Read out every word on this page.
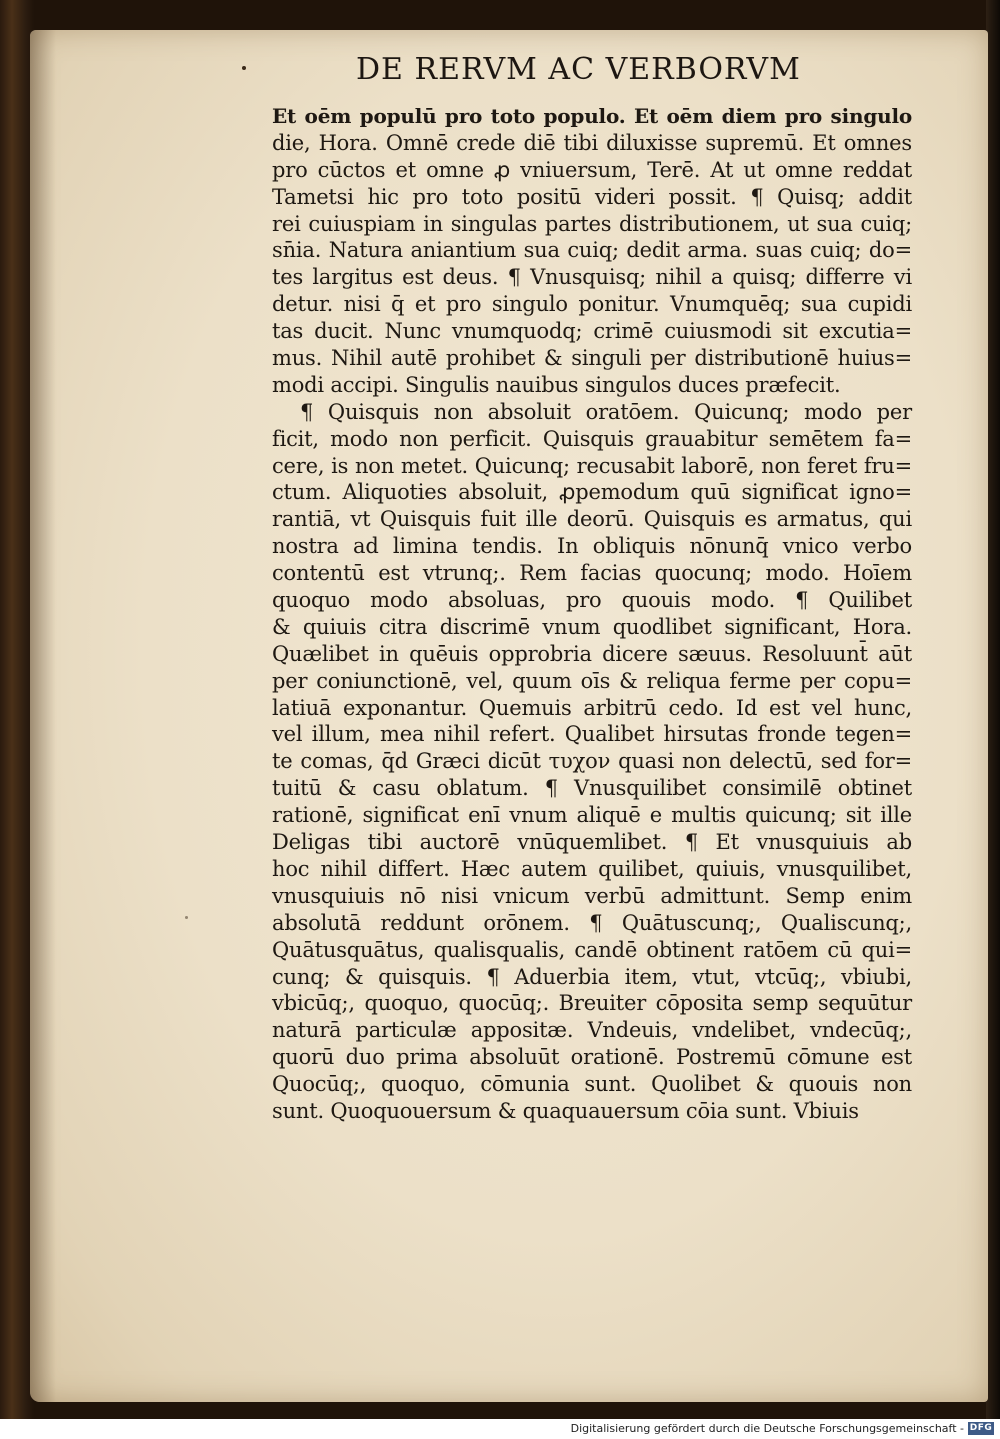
DE RERVM AC VERBORVM
Et oēm populū pro toto populo. Et oēm diem pro singulo
die, Hora. Omnē crede diē tibi diluxisse supremū. Et omnes
pro cūctos et omne ꝓ vniuersum, Terē. At ut omne reddat
Tametsi hic pro toto positū videri possit. ¶ Quisq; addit
rei cuiuspiam in singulas partes distributionem, ut sua cuiq;
sn̄ia. Natura aniantium sua cuiq; dedit arma. suas cuiq; do=
tes largitus est deus. ¶ Vnusquisq; nihil a quisq; differre vi
detur. nisi q̄ et pro singulo ponitur. Vnumquēq; sua cupidi
tas ducit. Nunc vnumquodq; crimē cuiusmodi sit excutia=
mus. Nihil autē prohibet & singuli per distributionē huius=
modi accipi. Singulis nauibus singulos duces præfecit.
¶ Quisquis non absoluit oratōem. Quicunq; modo per
ficit, modo non perficit. Quisquis grauabitur semētem fa=
cere, is non metet. Quicunq; recusabit laborē, non feret fru=
ctum. Aliquoties absoluit, ꝓpemodum quū significat igno=
rantiā, vt Quisquis fuit ille deorū. Quisquis es armatus, qui
nostra ad limina tendis. In obliquis nōnunq̄ vnico verbo
contentū est vtrunq;. Rem facias quocunq; modo. Hoīem
quoquo modo absoluas, pro quouis modo. ¶ Quilibet
& quiuis citra discrimē vnum quodlibet significant, Hora.
Quælibet in quēuis opprobria dicere sæuus. Resoluunt̄ aūt
per coniunctionē, vel, quum oīs & reliqua ferme per copu=
latiuā exponantur. Quemuis arbitrū cedo. Id est vel hunc,
vel illum, mea nihil refert. Qualibet hirsutas fronde tegen=
te comas, q̄d Græci dicūt τυχον quasi non delectū, sed for=
tuitū & casu oblatum. ¶ Vnusquilibet consimilē obtinet
rationē, significat enī vnum aliquē e multis quicunq; sit ille
Deligas tibi auctorē vnūquemlibet. ¶ Et vnusquiuis ab
hoc nihil differt. Hæc autem quilibet, quiuis, vnusquilibet,
vnusquiuis nō nisi vnicum verbū admittunt. Semp enim
absolutā reddunt orōnem. ¶ Quātuscunq;, Qualiscunq;,
Quātusquātus, qualisqualis, candē obtinent ratōem cū qui=
cunq; & quisquis. ¶ Aduerbia item, vtut, vtcūq;, vbiubi,
vbicūq;, quoquo, quocūq;. Breuiter cōposita semp sequūtur
naturā particulæ appositæ. Vndeuis, vndelibet, vndecūq;,
quorū duo prima absoluūt orationē. Postremū cōmune est
Quocūq;, quoquo, cōmunia sunt. Quolibet & quouis non
sunt. Quoquouersum & quaquauersum cōia sunt. Vbiuis
Digitalisierung gefördert durch die Deutsche Forschungsgemeinschaft - DFG
